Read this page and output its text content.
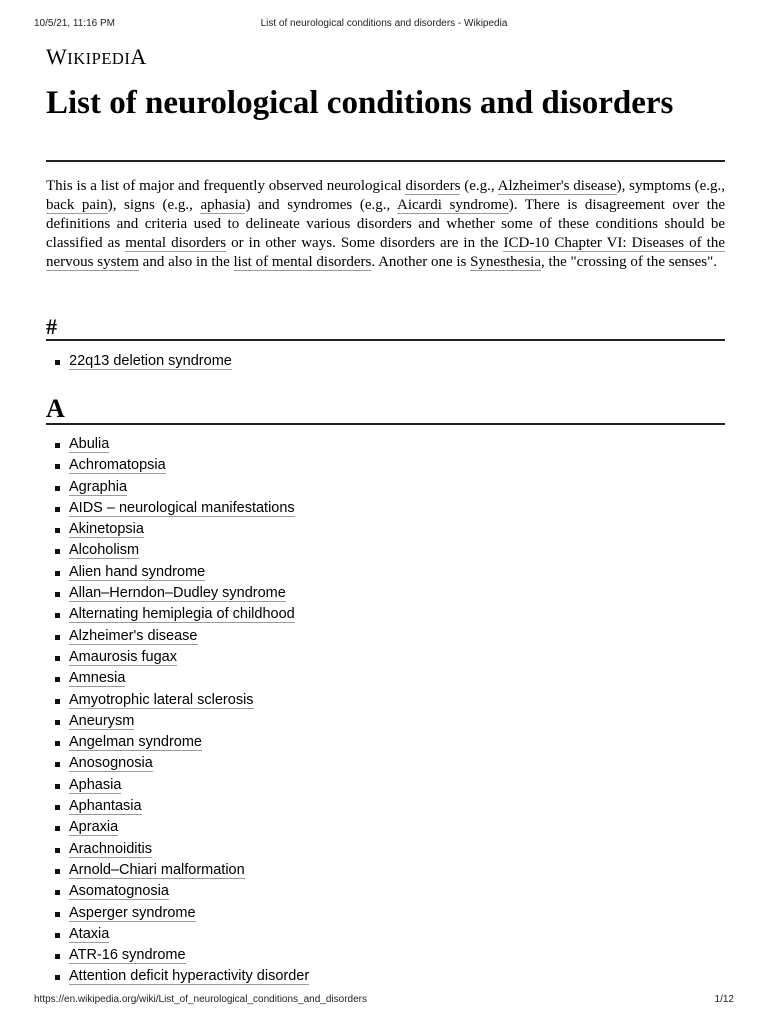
10/5/21, 11:16 PM	List of neurological conditions and disorders - Wikipedia
WIKIPEDIA
List of neurological conditions and disorders

This is a list of major and frequently observed neurological disorders (e.g., Alzheimer's disease), symptoms (e.g., back pain), signs (e.g., aphasia) and syndromes (e.g., Aicardi syndrome). There is disagreement over the definitions and criteria used to delineate various disorders and whether some of these conditions should be classified as mental disorders or in other ways. Some disorders are in the ICD-10 Chapter VI: Diseases of the nervous system and also in the list of mental disorders. Another one is Synesthesia, the "crossing of the senses".

#
22q13 deletion syndrome
A
Abulia
Achromatopsia
Agraphia
AIDS – neurological manifestations
Akinetopsia
Alcoholism
Alien hand syndrome
Allan–Herndon–Dudley syndrome
Alternating hemiplegia of childhood
Alzheimer's disease
Amaurosis fugax
Amnesia
Amyotrophic lateral sclerosis
Aneurysm
Angelman syndrome
Anosognosia
Aphasia
Aphantasia
Apraxia
Arachnoiditis
Arnold–Chiari malformation
Asomatognosia
Asperger syndrome
Ataxia
ATR-16 syndrome
Attention deficit hyperactivity disorder
https://en.wikipedia.org/wiki/List_of_neurological_conditions_and_disorders	1/12
